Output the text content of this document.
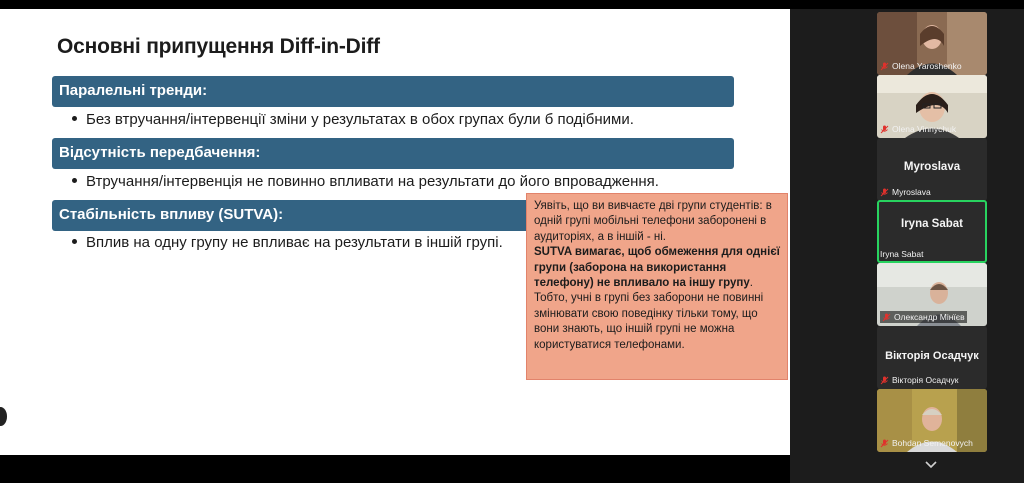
Основні припущення Diff-in-Diff
Паралельні тренди:
Без втручання/інтервенції зміни у результатах в обох групах були б подібними.
Відсутність передбачення:
Втручання/інтервенція не повинно впливати на результати до його впровадження.
Стабільність впливу (SUTVA):
Вплив на одну групу не впливає на результати в іншій групі.

Уявіть, що ви вивчаєте дві групи студентів: в одній групі мобільні телефони заборонені в аудиторіях, а в іншій - ні.

SUTVA вимагає, щоб обмеження для однієї групи (заборона на використання телефону) не впливало на іншу групу.

Тобто, учні в групі без заборони не повинні змінювати свою поведінку тільки тому, що вони знають, що іншій групі не можна користуватися телефонами.

Olena Yaroshenko
Olena Vinnychuk
Myroslava
Myroslava
Iryna Sabat
Iryna Sabat
Олександр Мінїєв
Вікторія Осадчук
Вікторія Осадчук
Bohdan Semenovych
